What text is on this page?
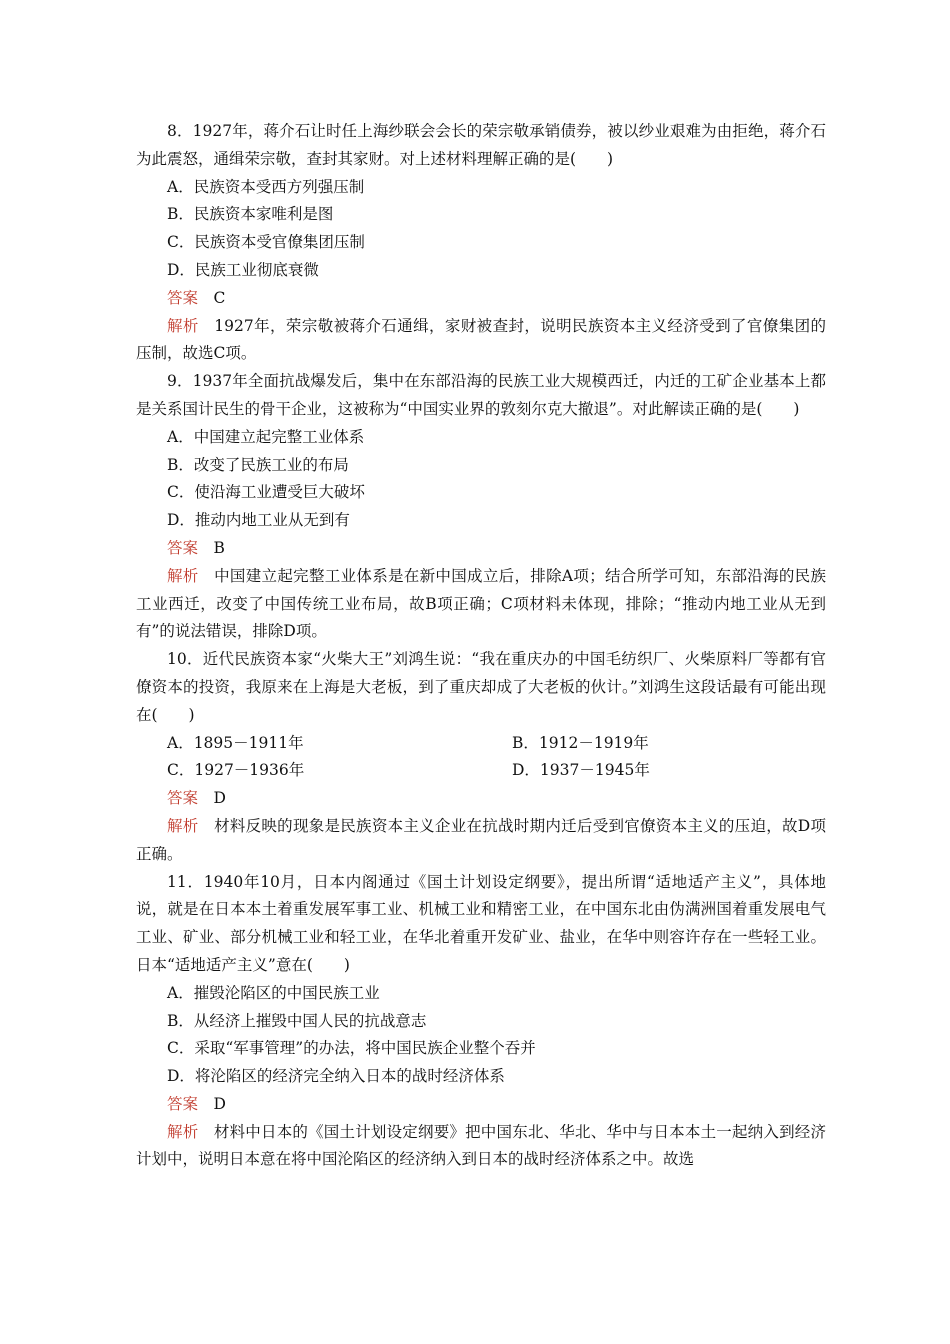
8．1927年，蒋介石让时任上海纱联会会长的荣宗敬承销债券，被以纱业艰难为由拒绝，蒋介石为此震怒，通缉荣宗敬，查封其家财。对上述材料理解正确的是(　　)

A．民族资本受西方列强压制

B．民族资本家唯利是图

C．民族资本受官僚集团压制

D．民族工业彻底衰微

答案 C

解析 1927年，荣宗敬被蒋介石通缉，家财被查封，说明民族资本主义经济受到了官僚集团的压制，故选C项。

9．1937年全面抗战爆发后，集中在东部沿海的民族工业大规模西迁，内迁的工矿企业基本上都是关系国计民生的骨干企业，这被称为“中国实业界的敦刻尔克大撤退”。对此解读正确的是(　　)

A．中国建立起完整工业体系

B．改变了民族工业的布局

C．使沿海工业遭受巨大破坏

D．推动内地工业从无到有

答案 B

解析 中国建立起完整工业体系是在新中国成立后，排除A项；结合所学可知，东部沿海的民族工业西迁，改变了中国传统工业布局，故B项正确；C项材料未体现，排除；“推动内地工业从无到有”的说法错误，排除D项。

10．近代民族资本家“火柴大王”刘鸿生说：“我在重庆办的中国毛纺织厂、火柴原料厂等都有官僚资本的投资，我原来在上海是大老板，到了重庆却成了大老板的伙计。”刘鸿生这段话最有可能出现在(　　)

A．1895－1911年	B．1912－1919年

C．1927－1936年	D．1937－1945年

答案 D

解析 材料反映的现象是民族资本主义企业在抗战时期内迁后受到官僚资本主义的压迫，故D项正确。

11．1940年10月，日本内阁通过《国土计划设定纲要》，提出所谓“适地适产主义”，具体地说，就是在日本本土着重发展军事工业、机械工业和精密工业，在中国东北由伪满洲国着重发展电气工业、矿业、部分机械工业和轻工业，在华北着重开发矿业、盐业，在华中则容许存在一些轻工业。日本“适地适产主义”意在(　　)

A．摧毁沦陷区的中国民族工业

B．从经济上摧毁中国人民的抗战意志

C．采取“军事管理”的办法，将中国民族企业整个吞并

D．将沦陷区的经济完全纳入日本的战时经济体系

答案 D

解析 材料中日本的《国土计划设定纲要》把中国东北、华北、华中与日本本土一起纳入到经济计划中，说明日本意在将中国沦陷区的经济纳入到日本的战时经济体系之中。故选
